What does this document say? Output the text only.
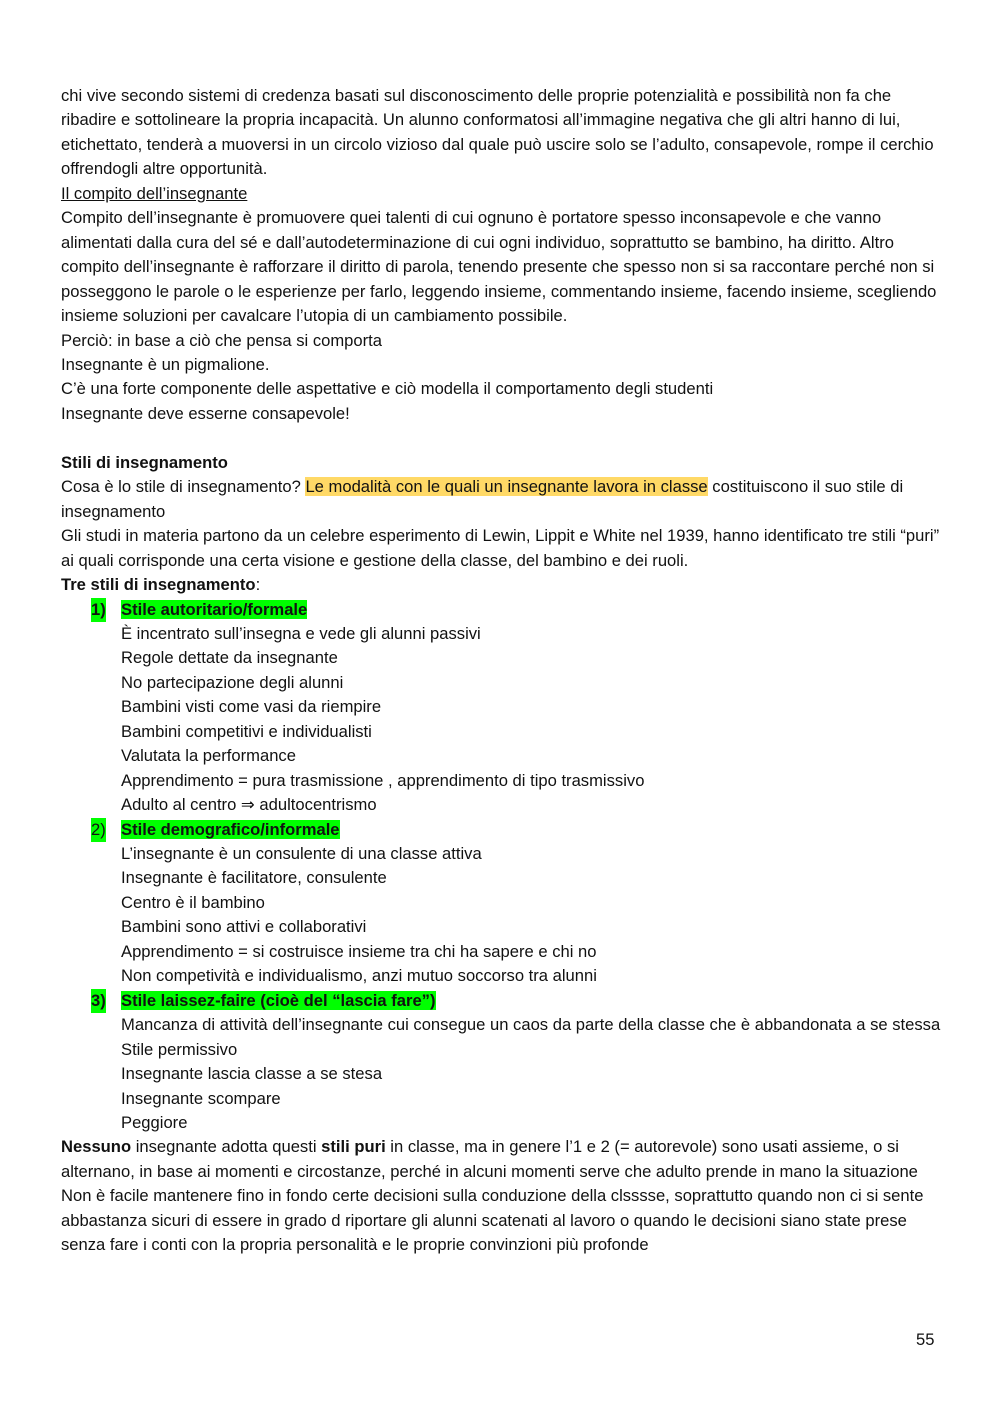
chi vive secondo sistemi di credenza basati sul disconoscimento delle proprie potenzialità e possibilità non fa che ribadire e sottolineare la propria incapacità. Un alunno conformatosi all’immagine negativa che gli altri hanno di lui, etichettato, tenderà a muoversi in un circolo vizioso dal quale può uscire solo se l’adulto, consapevole, rompe il cerchio offrendogli altre opportunità.

Il compito dell’insegnante

Compito dell’insegnante è promuovere quei talenti di cui ognuno è portatore spesso inconsapevole e che vanno alimentati dalla cura del sé e dall’autodeterminazione di cui ogni individuo, soprattutto se bambino, ha diritto. Altro compito dell’insegnante è rafforzare il diritto di parola, tenendo presente che spesso non si sa raccontare perché non si posseggono le parole o le esperienze per farlo, leggendo insieme, commentando insieme, facendo insieme, scegliendo insieme soluzioni per cavalcare l’utopia di un cambiamento possibile.

Perciò: in base a ciò che pensa si comporta

Insegnante è un pigmalione.

C’è una forte componente delle aspettative e ciò modella il comportamento degli studenti

Insegnante deve esserne consapevole!

Stili di insegnamento

Cosa è lo stile di insegnamento? Le modalità con le quali un insegnante lavora in classe costituiscono il suo stile di insegnamento

Gli studi in materia partono da un celebre esperimento di Lewin, Lippit e White nel 1939, hanno identificato tre stili “puri” ai quali corrisponde una certa visione e gestione della classe, del bambino e dei ruoli.

Tre stili di insegnamento:

1) Stile autoritario/formale

È incentrato sull’insegna e vede gli alunni passivi

Regole dettate da insegnante

No partecipazione degli alunni

Bambini visti come vasi da riempire

Bambini competitivi e individualisti

Valutata la performance

Apprendimento = pura trasmissione , apprendimento di tipo trasmissivo

Adulto al centro ⇒ adultocentrismo

2) Stile demografico/informale

L’insegnante è un consulente di una classe attiva

Insegnante è facilitatore, consulente

Centro è il bambino

Bambini sono attivi e collaborativi

Apprendimento = si costruisce insieme tra chi ha sapere e chi no

Non competività e individualismo, anzi mutuo soccorso tra alunni

3) Stile laissez-faire (cioè del “lascia fare”)

Mancanza di attività dell’insegnante cui consegue un caos da parte della classe che è abbandonata a se stessa

Stile permissivo

Insegnante lascia classe a se stesa

Insegnante scompare

Peggiore

Nessuno insegnante adotta questi stili puri in classe, ma in genere l’1 e 2 (= autorevole) sono usati assieme, o si alternano, in base ai momenti e circostanze, perché in alcuni momenti serve che adulto prende in mano la situazione

Non è facile mantenere fino in fondo certe decisioni sulla conduzione della clsssse, soprattutto quando non ci si sente abbastanza sicuri di essere in grado d riportare gli alunni scatenati al lavoro o quando le decisioni siano state prese senza fare i conti con la propria personalità e le proprie convinzioni più profonde

55
